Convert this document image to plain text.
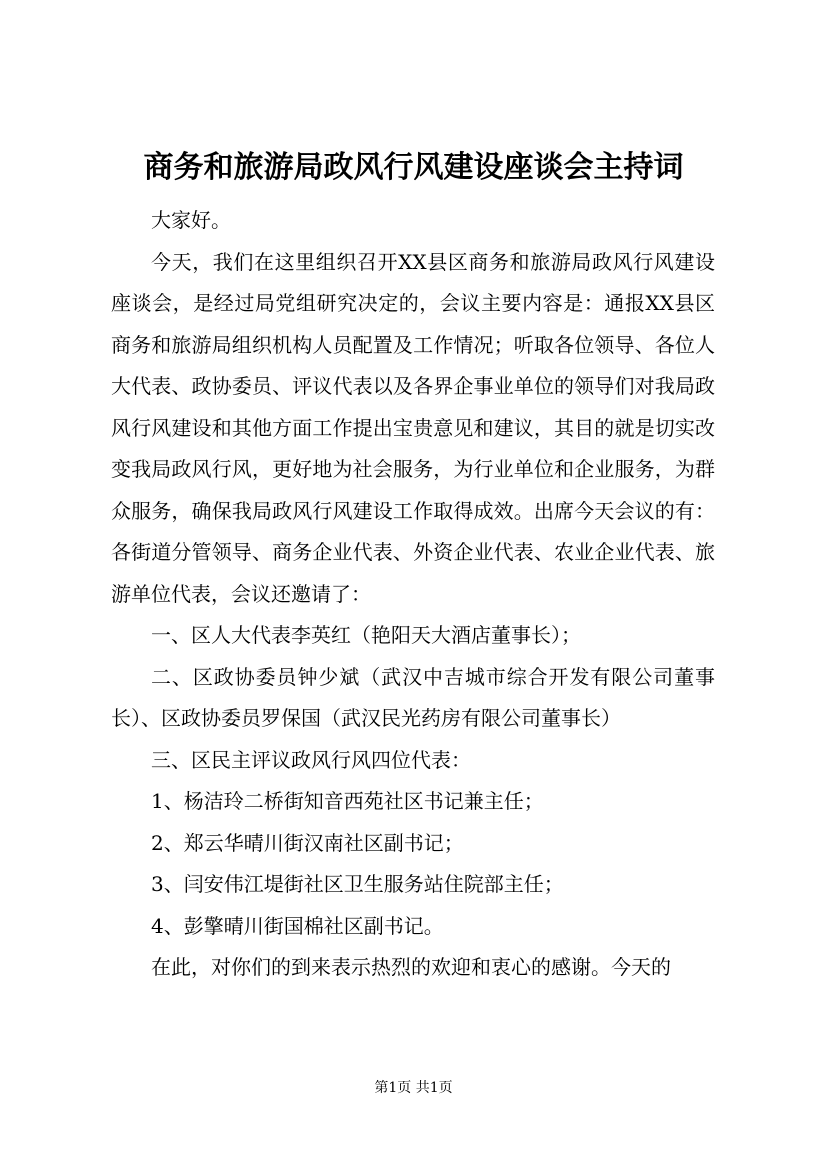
商务和旅游局政风行风建设座谈会主持词

大家好。

今天，我们在这里组织召开XX县区商务和旅游局政风行风建设座谈会，是经过局党组研究决定的，会议主要内容是：通报XX县区商务和旅游局组织机构人员配置及工作情况；听取各位领导、各位人大代表、政协委员、评议代表以及各界企事业单位的领导们对我局政风行风建设和其他方面工作提出宝贵意见和建议，其目的就是切实改变我局政风行风，更好地为社会服务，为行业单位和企业服务，为群众服务，确保我局政风行风建设工作取得成效。出席今天会议的有：各街道分管领导、商务企业代表、外资企业代表、农业企业代表、旅游单位代表，会议还邀请了：

一、区人大代表李英红（艳阳天大酒店董事长）；

二、区政协委员钟少斌（武汉中吉城市综合开发有限公司董事长）、区政协委员罗保国（武汉民光药房有限公司董事长）

三、区民主评议政风行风四位代表：

1、杨洁玲二桥街知音西苑社区书记兼主任；

2、郑云华晴川街汉南社区副书记；

3、闫安伟江堤街社区卫生服务站住院部主任；

4、彭擎晴川街国棉社区副书记。

在此，对你们的到来表示热烈的欢迎和衷心的感谢。今天的

第1页 共1页
